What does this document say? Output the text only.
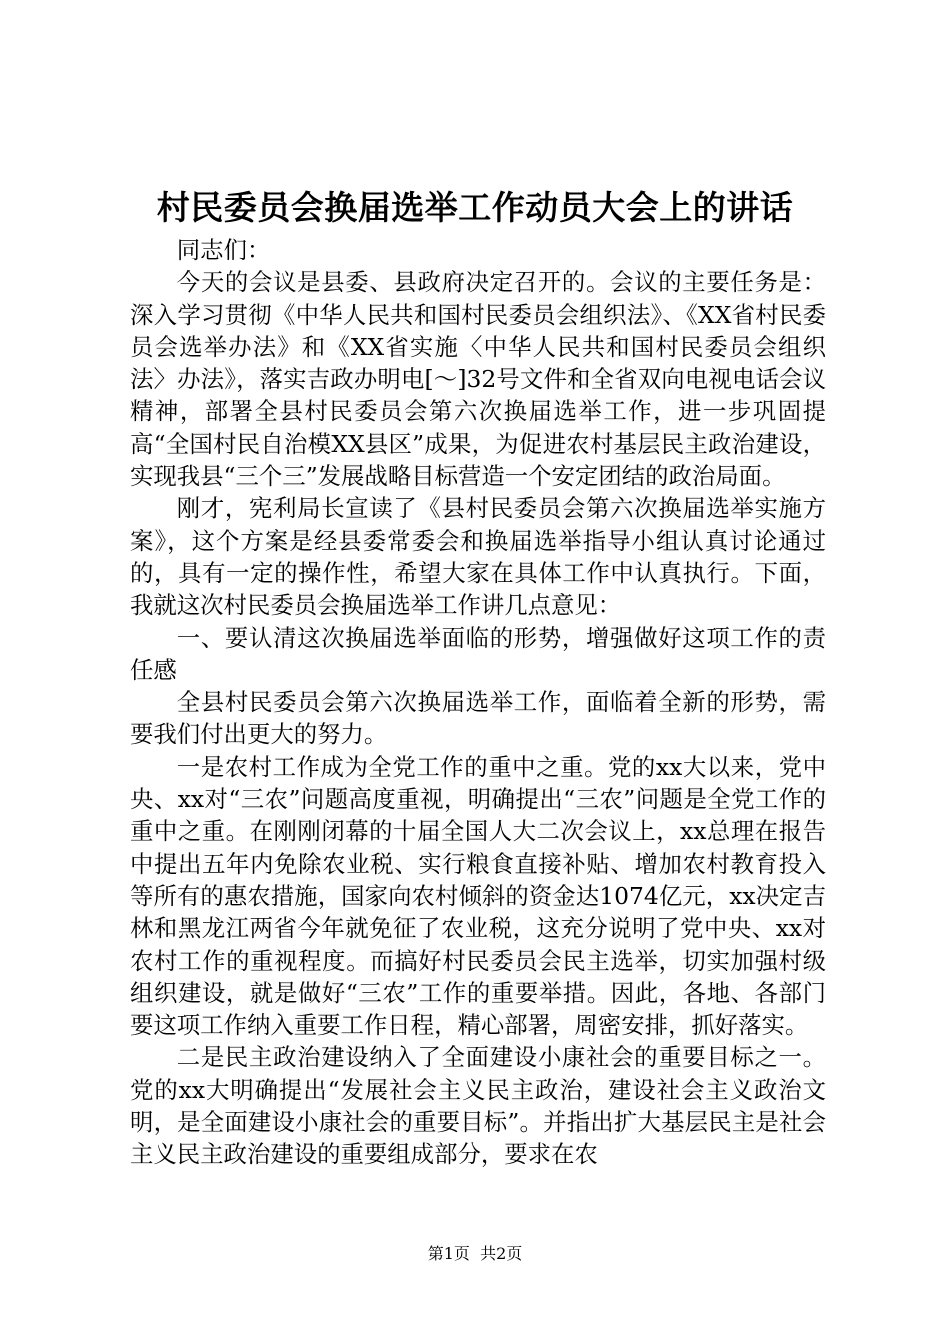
村民委员会换届选举工作动员大会上的讲话

同志们：

今天的会议是县委、县政府决定召开的。会议的主要任务是：深入学习贯彻《中华人民共和国村民委员会组织法》、《XX省村民委员会选举办法》和《XX省实施〈中华人民共和国村民委员会组织法〉办法》，落实吉政办明电[～]32号文件和全省双向电视电话会议精神，部署全县村民委员会第六次换届选举工作，进一步巩固提高“全国村民自治模XX县区”成果，为促进农村基层民主政治建设，实现我县“三个三”发展战略目标营造一个安定团结的政治局面。

刚才，宪利局长宣读了《县村民委员会第六次换届选举实施方案》，这个方案是经县委常委会和换届选举指导小组认真讨论通过的，具有一定的操作性，希望大家在具体工作中认真执行。下面，我就这次村民委员会换届选举工作讲几点意见：

一、要认清这次换届选举面临的形势，增强做好这项工作的责任感

全县村民委员会第六次换届选举工作，面临着全新的形势，需要我们付出更大的努力。

一是农村工作成为全党工作的重中之重。党的xx大以来，党中央、xx对“三农”问题高度重视，明确提出“三农”问题是全党工作的重中之重。在刚刚闭幕的十届全国人大二次会议上，xx总理在报告中提出五年内免除农业税、实行粮食直接补贴、增加农村教育投入等所有的惠农措施，国家向农村倾斜的资金达1074亿元，xx决定吉林和黑龙江两省今年就免征了农业税，这充分说明了党中央、xx对农村工作的重视程度。而搞好村民委员会民主选举，切实加强村级组织建设，就是做好“三农”工作的重要举措。因此，各地、各部门要这项工作纳入重要工作日程，精心部署，周密安排，抓好落实。

二是民主政治建设纳入了全面建设小康社会的重要目标之一。党的xx大明确提出“发展社会主义民主政治，建设社会主义政治文明，是全面建设小康社会的重要目标”。并指出扩大基层民主是社会主义民主政治建设的重要组成部分，要求在农

第1页  共2页
